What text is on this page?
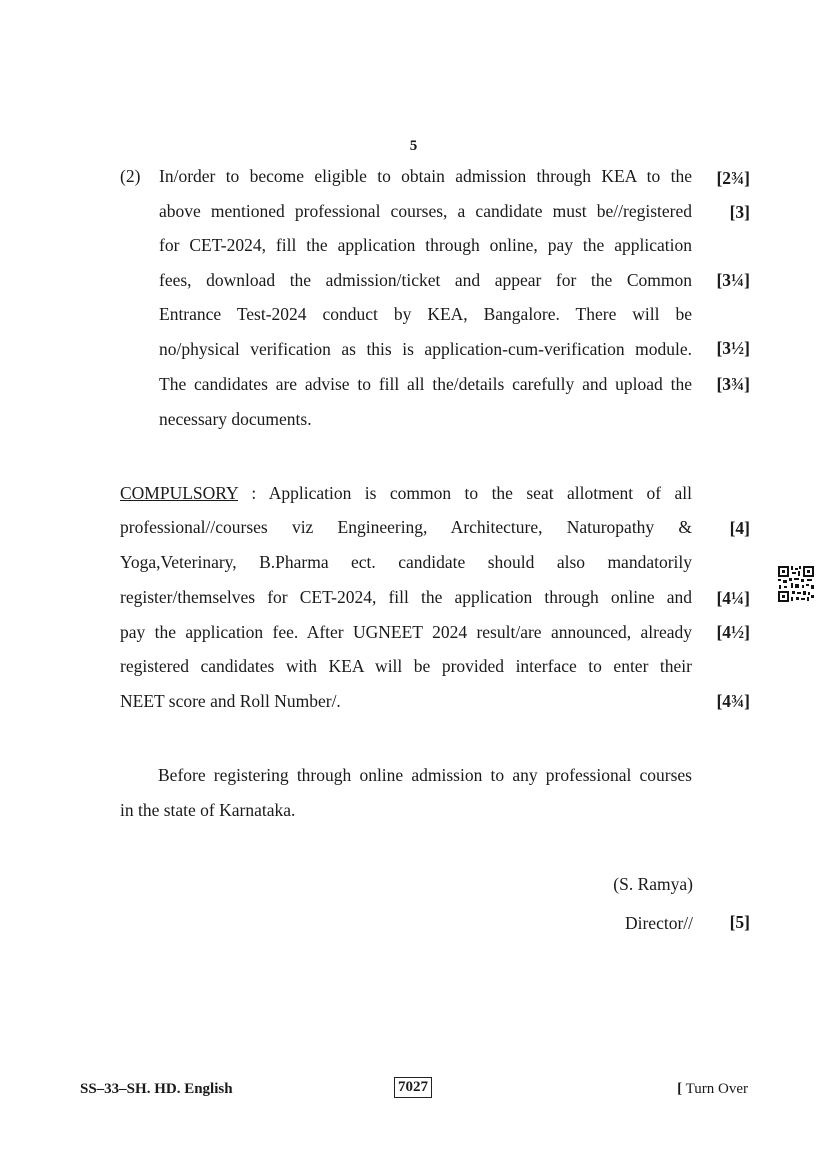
5
(2) In/order to become eligible to obtain admission through KEA to the
above mentioned professional courses, a candidate must be//registered
for CET-2024, fill the application through online, pay the application
fees, download the admission/ticket and appear for the Common
Entrance Test-2024 conduct by KEA, Bangalore. There will be
no/physical verification as this is application-cum-verification module.
The candidates are advise to fill all the/details carefully and upload the
necessary documents.
COMPULSORY : Application is common to the seat allotment of all
professional//courses viz Engineering, Architecture, Naturopathy &
Yoga,Veterinary, B.Pharma ect. candidate should also mandatorily
register/themselves for CET-2024, fill the application through online and
pay the application fee. After UGNEET 2024 result/are announced, already
registered candidates with KEA will be provided interface to enter their
NEET score and Roll Number/.
Before registering through online admission to any professional courses
in the state of Karnataka.
(S. Ramya)
Director//
[2¾]
[3]
[3¼]
[3½]
[3¾]
[4]
[4¼]
[4½]
[4¾]
[5]
SS–33–SH. HD. English	7027	[ Turn Over
